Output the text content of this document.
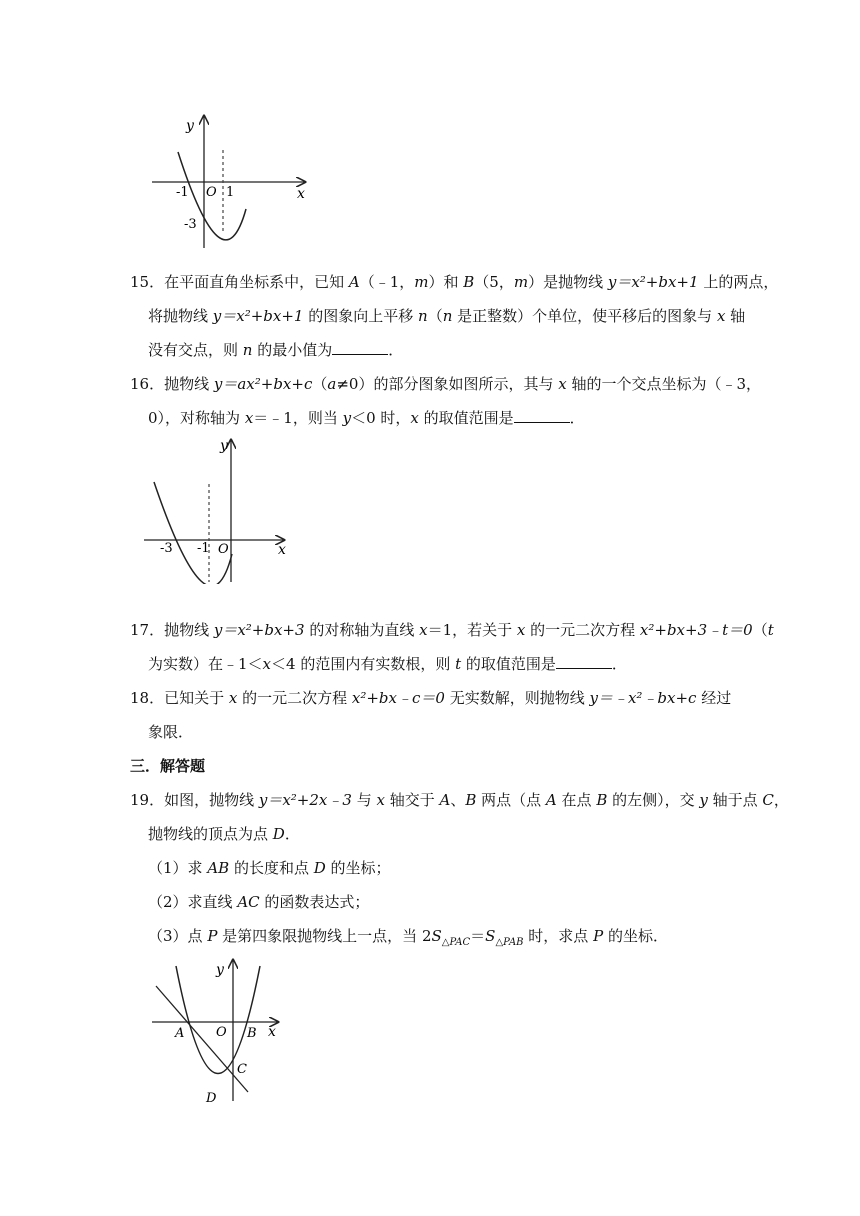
y
x
-1 O 1
-3
15．在平面直角坐标系中，已知 A（﹣1，m）和 B（5，m）是抛物线 y＝x²+bx+1 上的两点，
将抛物线 y＝x²+bx+1 的图象向上平移 n（n 是正整数）个单位，使平移后的图象与 x 轴
没有交点，则 n 的最小值为	．
16．抛物线 y＝ax²+bx+c（a≠0）的部分图象如图所示，其与 x 轴的一个交点坐标为（﹣3，
0），对称轴为 x＝﹣1，则当 y＜0 时，x 的取值范围是	．
y
x
-3 -1 O
17．抛物线 y＝x²+bx+3 的对称轴为直线 x＝1，若关于 x 的一元二次方程 x²+bx+3﹣t＝0（t
为实数）在﹣1＜x＜4 的范围内有实数根，则 t 的取值范围是	．
18．已知关于 x 的一元二次方程 x²+bx﹣c＝0 无实数解，则抛物线 y＝﹣x²﹣bx+c 经过
象限．
三．解答题
19．如图，抛物线 y＝x²+2x﹣3 与 x 轴交于 A、B 两点（点 A 在点 B 的左侧），交 y 轴于点 C，
抛物线的顶点为点 D．
（1）求 AB 的长度和点 D 的坐标；
（2）求直线 AC 的函数表达式；
（3）点 P 是第四象限抛物线上一点，当 $2S_{\triangle PAC}=S_{\triangle PAB}$ 时，求点 P 的坐标．
y
x
A O B
C
D
